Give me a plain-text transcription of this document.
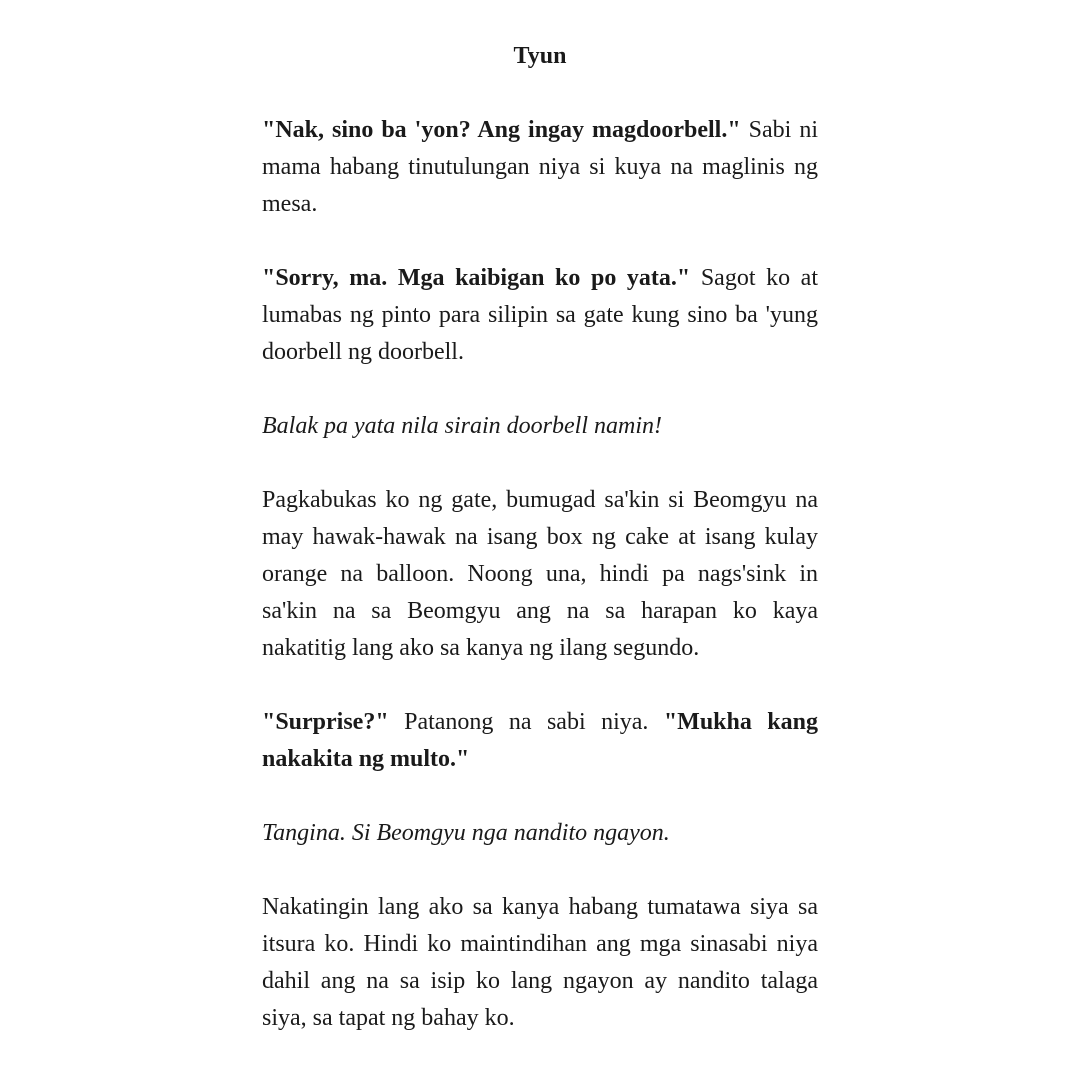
Tyun

"Nak, sino ba 'yon? Ang ingay magdoorbell." Sabi ni mama habang tinutulungan niya si kuya na maglinis ng mesa.

"Sorry, ma. Mga kaibigan ko po yata." Sagot ko at lumabas ng pinto para silipin sa gate kung sino ba 'yung doorbell ng doorbell.

Balak pa yata nila sirain doorbell namin!

Pagkabukas ko ng gate, bumugad sa'kin si Beomgyu na may hawak-hawak na isang box ng cake at isang kulay orange na balloon. Noong una, hindi pa nags'sink in sa'kin na sa Beomgyu ang na sa harapan ko kaya nakatitig lang ako sa kanya ng ilang segundo.

"Surprise?" Patanong na sabi niya. "Mukha kang nakakita ng multo."

Tangina. Si Beomgyu nga nandito ngayon.

Nakatingin lang ako sa kanya habang tumatawa siya sa itsura ko. Hindi ko maintindihan ang mga sinasabi niya dahil ang na sa isip ko lang ngayon ay nandito talaga siya, sa tapat ng bahay ko.
